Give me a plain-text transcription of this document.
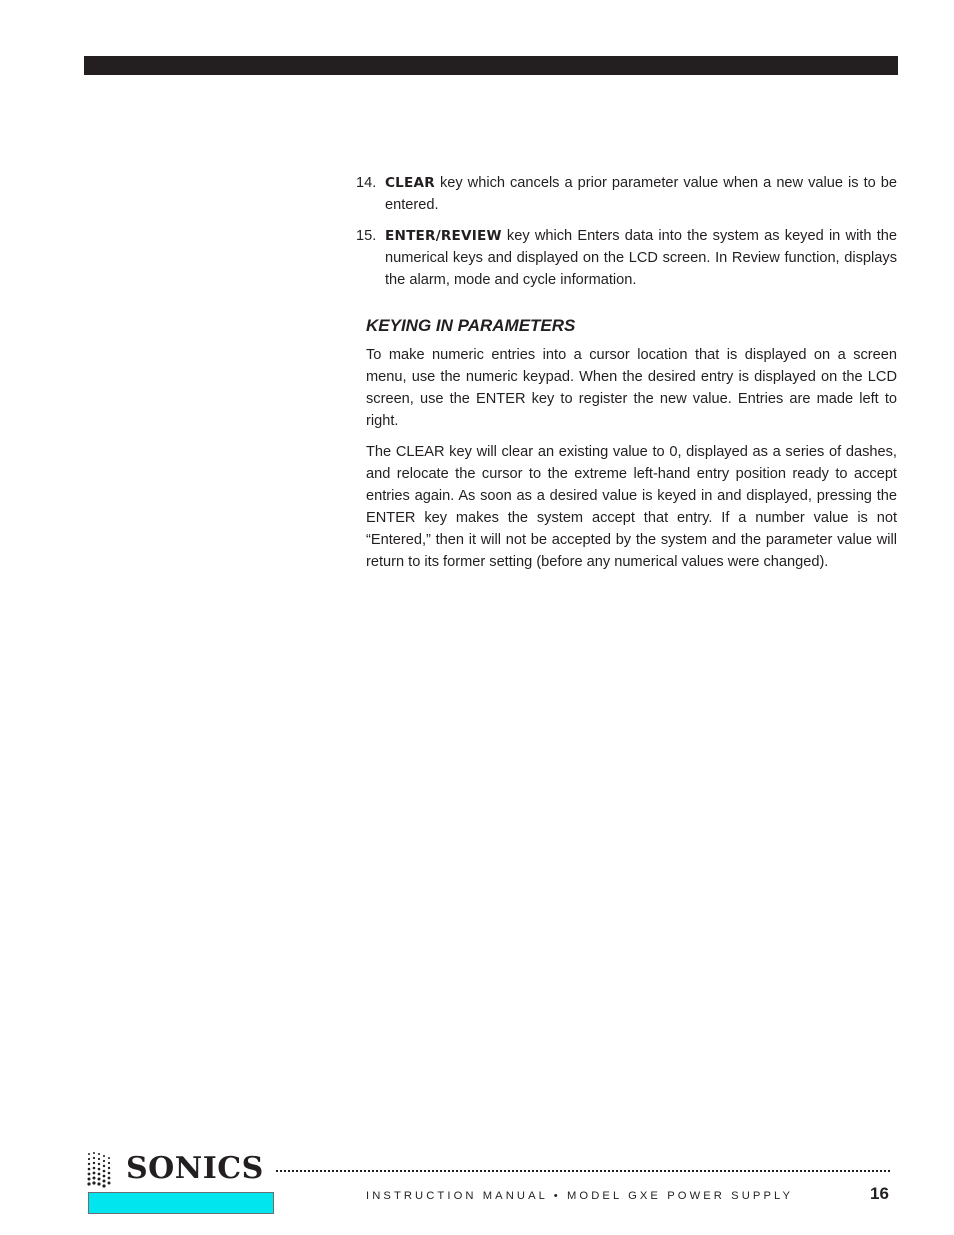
14. CLEAR key which cancels a prior parameter value when a new value is to be entered.
15. ENTER/REVIEW key which Enters data into the system as keyed in with the numerical keys and displayed on the LCD screen. In Review function, displays the alarm, mode and cycle information.
KEYING IN PARAMETERS

To make numeric entries into a cursor location that is displayed on a screen menu, use the numeric keypad. When the desired entry is displayed on the LCD screen, use the ENTER key to register the new value. Entries are made left to right.

The CLEAR key will clear an existing value to 0, displayed as a series of dashes, and relocate the cursor to the extreme left-hand entry position ready to accept entries again. As soon as a desired value is keyed in and displayed, pressing the ENTER key makes the system accept that entry. If a number value is not “Entered,” then it will not be accepted by the system and the parameter value will return to its former setting (before any numerical values were changed).

SONICS
INSTRUCTION MANUAL • MODEL GXE POWER SUPPLY	16
